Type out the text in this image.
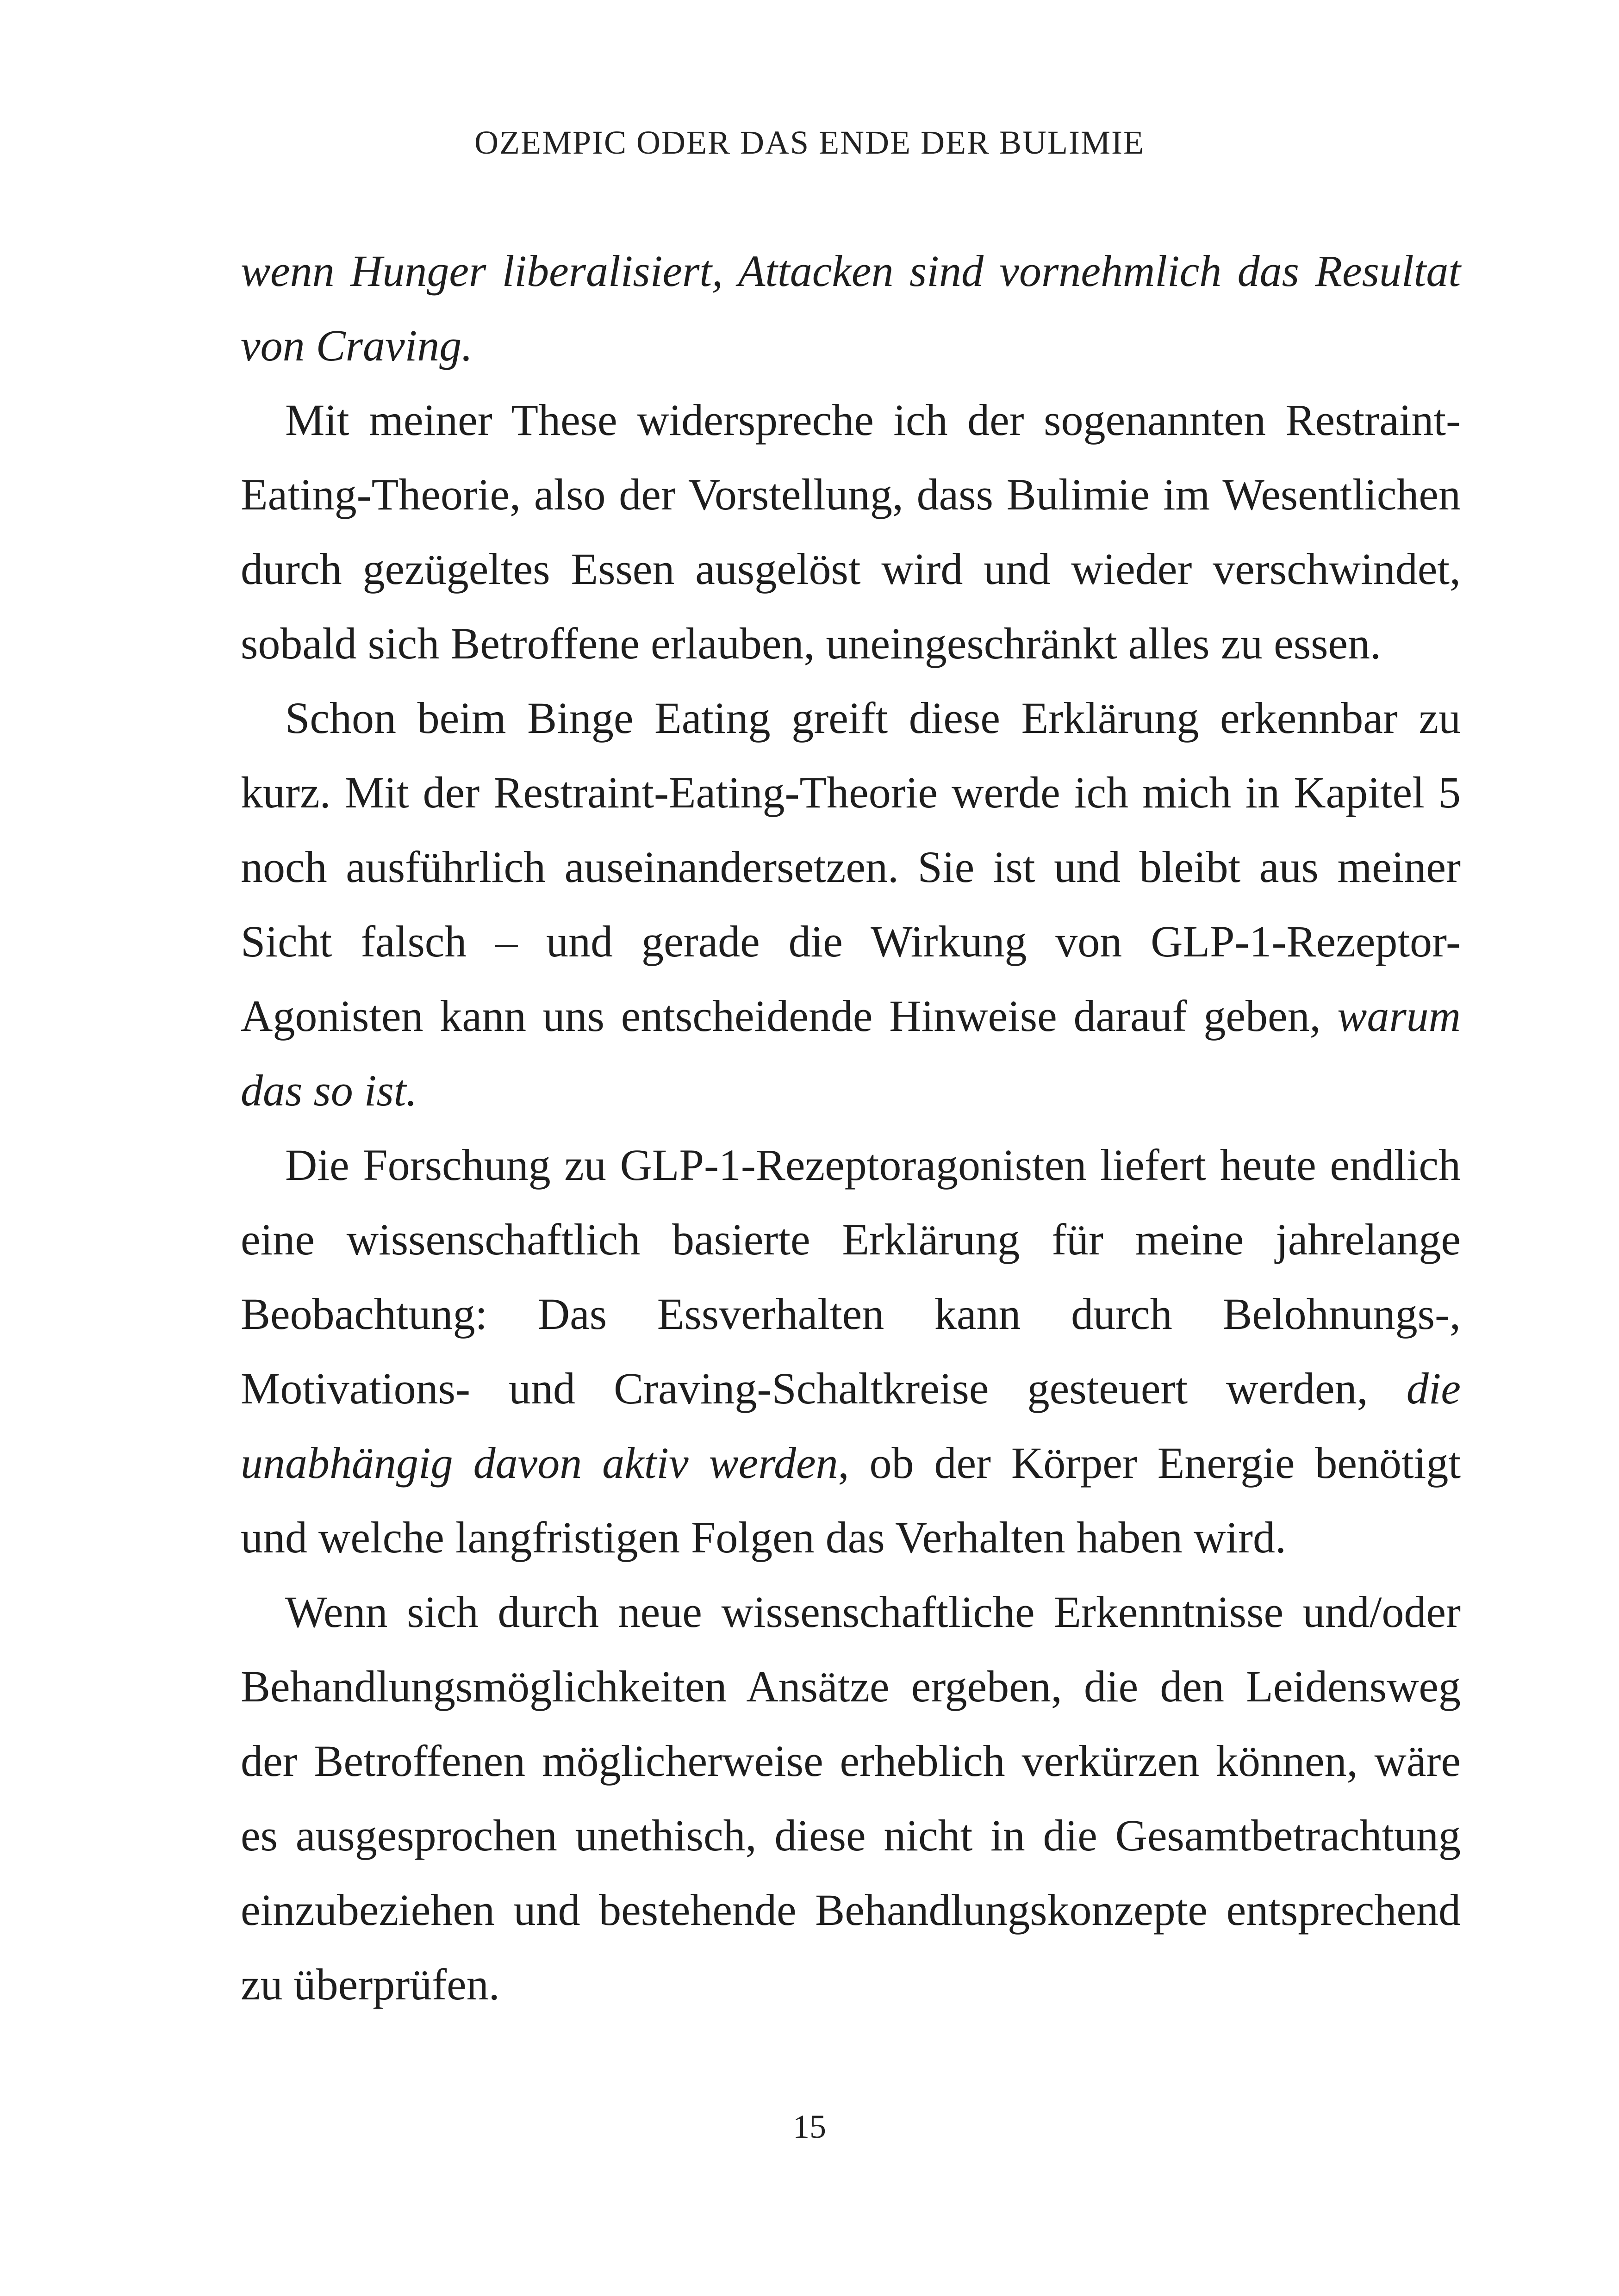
OZEMPIC ODER DAS ENDE DER BULIMIE

wenn Hunger liberalisiert, Attacken sind vornehmlich das Resultat von Craving.

Mit meiner These widerspreche ich der sogenannten Restraint-Eating-Theorie, also der Vorstellung, dass Bulimie im Wesentlichen durch gezügeltes Essen ausgelöst wird und wieder verschwindet, sobald sich Betroffene erlauben, uneingeschränkt alles zu essen.

Schon beim Binge Eating greift diese Erklärung erkennbar zu kurz. Mit der Restraint-Eating-Theorie werde ich mich in Kapitel 5 noch ausführlich auseinandersetzen. Sie ist und bleibt aus meiner Sicht falsch – und gerade die Wirkung von GLP-1-Rezeptor-Agonisten kann uns entscheidende Hinweise darauf geben, warum das so ist.

Die Forschung zu GLP-1-Rezeptoragonisten liefert heute endlich eine wissenschaftlich basierte Erklärung für meine jahrelange Beobachtung: Das Essverhalten kann durch Belohnungs-, Motivations- und Craving-Schaltkreise gesteuert werden, die unabhängig davon aktiv werden, ob der Körper Energie benötigt und welche langfristigen Folgen das Verhalten haben wird.

Wenn sich durch neue wissenschaftliche Erkenntnisse und/oder Behandlungsmöglichkeiten Ansätze ergeben, die den Leidensweg der Betroffenen möglicherweise erheblich verkürzen können, wäre es ausgesprochen unethisch, diese nicht in die Gesamtbetrachtung einzubeziehen und bestehende Behandlungskonzepte entsprechend zu überprüfen.

15
